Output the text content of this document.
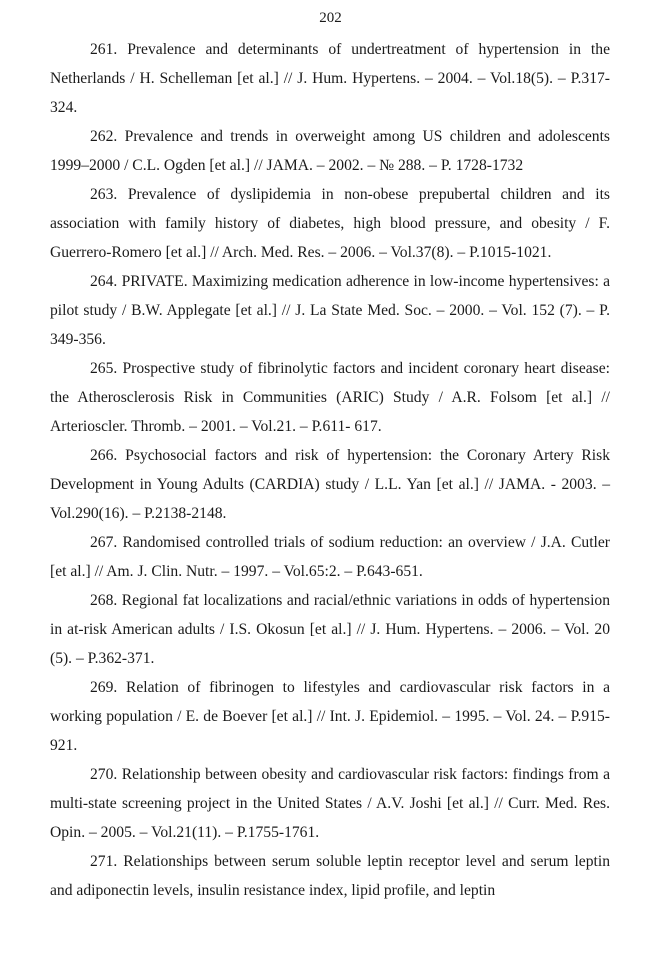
202

261. Prevalence and determinants of undertreatment of hypertension in the Netherlands / H. Schelleman [et al.] // J. Hum. Hypertens. – 2004. – Vol.18(5). – P.317-324.

262. Prevalence and trends in overweight among US children and adolescents 1999–2000 / C.L. Ogden [et al.] // JAMA. – 2002. – № 288. – P. 1728-1732

263. Prevalence of dyslipidemia in non-obese prepubertal children and its association with family history of diabetes, high blood pressure, and obesity / F. Guerrero-Romero [et al.] // Arch. Med. Res. – 2006. – Vol.37(8). – P.1015-1021.

264. PRIVATE. Maximizing medication adherence in low-income hypertensives: a pilot study / B.W. Applegate [et al.] // J. La State Med. Soc. – 2000. – Vol. 152 (7). – P. 349-356.

265. Prospective study of fibrinolytic factors and incident coronary heart disease: the Atherosclerosis Risk in Communities (ARIC) Study / A.R. Folsom [et al.] // Arterioscler. Thromb. – 2001. – Vol.21. – P.611- 617.

266. Psychosocial factors and risk of hypertension: the Coronary Artery Risk Development in Young Adults (CARDIA) study / L.L. Yan [et al.] // JAMA. - 2003. – Vol.290(16). – P.2138-2148.

267. Randomised controlled trials of sodium reduction: an overview / J.A. Cutler [et al.] // Am. J. Clin. Nutr. – 1997. – Vol.65:2. – P.643-651.

268. Regional fat localizations and racial/ethnic variations in odds of hypertension in at-risk American adults / I.S. Okosun [et al.] // J. Hum. Hypertens. – 2006. – Vol. 20 (5). – P.362-371.

269. Relation of fibrinogen to lifestyles and cardiovascular risk factors in a working population / E. de Boever [et al.] // Int. J. Epidemiol. – 1995. – Vol. 24. – P.915-921.

270. Relationship between obesity and cardiovascular risk factors: findings from a multi-state screening project in the United States / A.V. Joshi [et al.] // Curr. Med. Res. Opin. – 2005. – Vol.21(11). – P.1755-1761.

271. Relationships between serum soluble leptin receptor level and serum leptin and adiponectin levels, insulin resistance index, lipid profile, and leptin
